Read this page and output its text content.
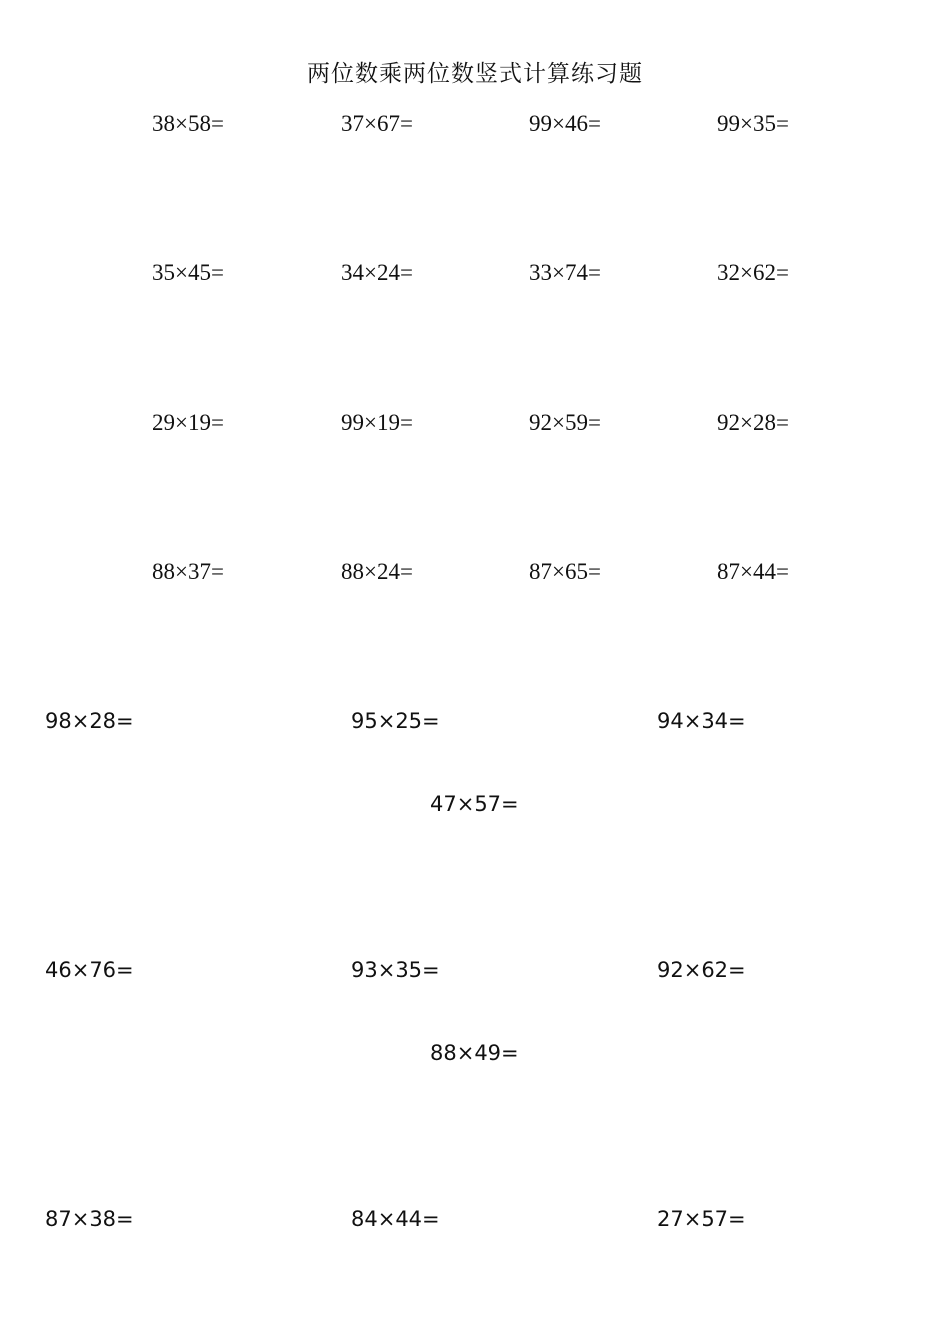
两位数乘两位数竖式计算练习题
38×58=	37×67=	99×46=	99×35=
35×45=	34×24=	33×74=	32×62=
29×19=	99×19=	92×59=	92×28=
88×37=	88×24=	87×65=	87×44=
98×28=	95×25=	94×34=
47×57=
46×76=	93×35=	92×62=
88×49=
87×38=	84×44=	27×57=
